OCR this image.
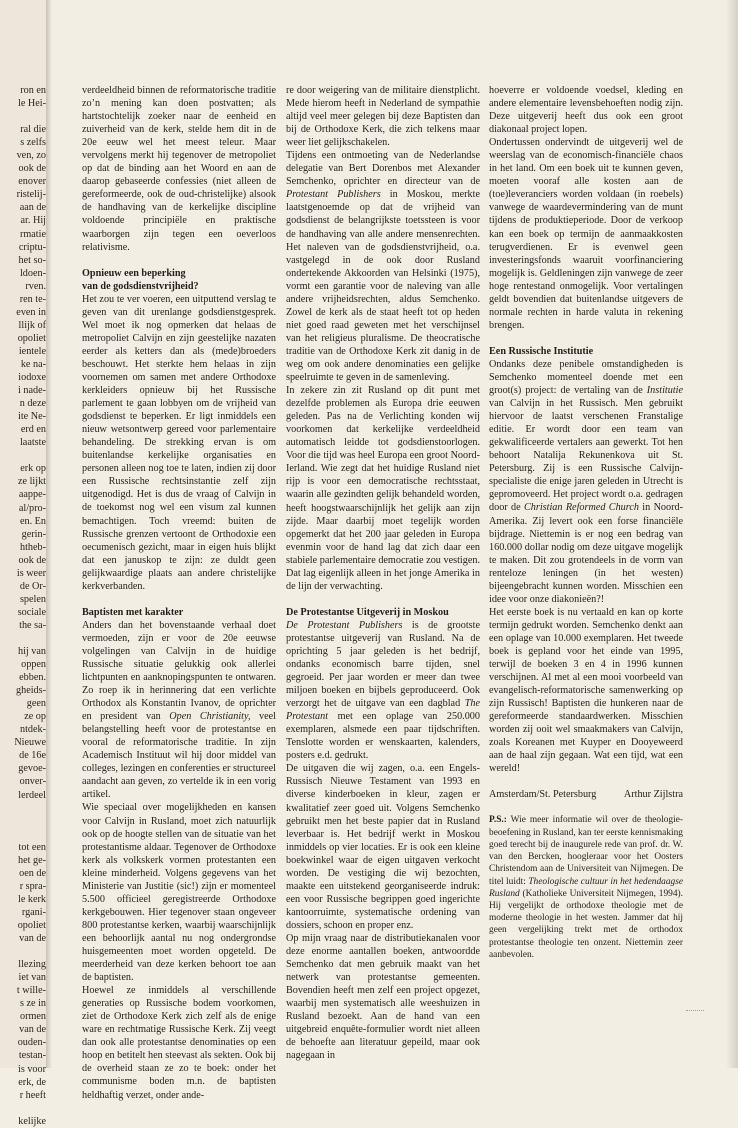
ron en
le Hei-
ral die
s zelfs
ven, zo
ook de
enover
ristelij-
aan de
ar. Hij
rmatie
criptu-
het so-
ldoen-
rven.
ren te-
even in
llijk of
opoliet
ientele
ke na-
iodoxe
i nade-
n deze
ite Ne-
erd en
laatste
erk op
ze lijkt
aappe-
al/pro-
en. En
gerin-
htheb-
ook de
is weer
de Or-
spelen
sociale
the sa-
hij van
oppen
ebben.
gheids-
geen
ze op
ntdek-
Nieuwe
de 16e
gevoe-
onver-
lerdeel
tot een
het ge-
oen de
r spra-
le kerk
rgani-
opoliet
van de
llezing
iet van
t wille-
s ze in
ormen
van de
ouden-
testan-
is voor
erk, de
r heeft
kelijke

verdeeldheid binnen de reformatorische traditie zo’n mening kan doen postvatten; als hartstochtelijk zoeker naar de eenheid en zuiverheid van de kerk, stelde hem dit in de 20e eeuw wel het meest teleur. Maar vervolgens merkt hij tegenover de metropoliet op dat de binding aan het Woord en aan de daarop gebaseerde confessies (niet alleen de gereformeerde, ook de oud-christelijke) alsook de handhaving van de kerkelijke discipline voldoende principiële en praktische waarborgen zijn tegen een oeverloos relativisme.

Opnieuw een beperking
van de godsdienstvrijheid?

Het zou te ver voeren, een uitputtend verslag te geven van dit urenlange godsdienstgesprek. Wel moet ik nog opmerken dat helaas de metropoliet Calvijn en zijn geestelijke nazaten eerder als ketters dan als (mede)broeders beschouwt. Het sterkte hem helaas in zijn voornemen om samen met andere Orthodoxe kerkleiders opnieuw bij het Russische parlement te gaan lobbyen om de vrijheid van godsdienst te beperken. Er ligt inmiddels een nieuw wetsontwerp gereed voor parlementaire behandeling. De strekking ervan is om buitenlandse kerkelijke organisaties en personen alleen nog toe te laten, indien zij door een Russische rechtsinstantie zelf zijn uitgenodigd. Het is dus de vraag of Calvijn in de toekomst nog wel een visum zal kunnen bemachtigen. Toch vreemd: buiten de Russische grenzen vertoont de Orthodoxie een oecumenisch gezicht, maar in eigen huis blijkt dat een januskop te zijn: ze duldt geen gelijkwaardige plaats aan andere christelijke kerkverbanden.

Baptisten met karakter

Anders dan het bovenstaande verhaal doet vermoeden, zijn er voor de 20e eeuwse volgelingen van Calvijn in de huidige Russische situatie gelukkig ook allerlei lichtpunten en aanknopingspunten te ontwaren. Zo roep ik in herinnering dat een verlichte Orthodox als Konstantin Ivanov, de oprichter en president van Open Christianity, veel belangstelling heeft voor de protestantse en vooral de reformatorische traditie. In zijn Academisch Instituut wil hij door middel van colleges, lezingen en conferenties er structureel aandacht aan geven, zo vertelde ik in een vorig artikel.

Wie speciaal over mogelijkheden en kansen voor Calvijn in Rusland, moet zich natuurlijk ook op de hoogte stellen van de situatie van het protestantisme aldaar. Tegenover de Orthodoxe kerk als volkskerk vormen protestanten een kleine minderheid. Volgens gegevens van het Ministerie van Justitie (sic!) zijn er momenteel 5.500 officieel geregistreerde Orthodoxe kerkgebouwen. Hier tegenover staan ongeveer 800 protestantse kerken, waarbij waarschijnlijk een behoorlijk aantal nu nog ondergrondse huisgemeenten moet worden opgeteld. De meerderheid van deze kerken behoort toe aan de baptisten.

Hoewel ze inmiddels al verschillende generaties op Russische bodem voorkomen, ziet de Orthodoxe Kerk zich zelf als de enige ware en rechtmatige Russische Kerk. Zij veegt dan ook alle protestantse denominaties op een hoop en betitelt hen steevast als sekten. Ook bij de overheid staan ze zo te boek: onder het communisme boden m.n. de baptisten heldhaftig verzet, onder ande-

re door weigering van de militaire dienstplicht. Mede hierom heeft in Nederland de sympathie altijd veel meer gelegen bij deze Baptisten dan bij de Orthodoxe Kerk, die zich telkens maar weer liet gelijkschakelen.

Tijdens een ontmoeting van de Nederlandse delegatie van Bert Dorenbos met Alexander Semchenko, oprichter en directeur van de Protestant Publishers in Moskou, merkte laatstgenoemde op dat de vrijheid van godsdienst de belangrijkste toetssteen is voor de handhaving van alle andere mensenrechten. Het naleven van de godsdienstvrijheid, o.a. vastgelegd in de ook door Rusland ondertekende Akkoorden van Helsinki (1975), vormt een garantie voor de naleving van alle andere vrijheidsrechten, aldus Semchenko. Zowel de kerk als de staat heeft tot op heden niet goed raad geweten met het verschijnsel van het religieus pluralisme. De theocratische traditie van de Orthodoxe Kerk zit danig in de weg om ook andere denominaties een gelijke speelruimte te geven in de samenleving.

In zekere zin zit Rusland op dit punt met dezelfde problemen als Europa drie eeuwen geleden. Pas na de Verlichting konden wij voorkomen dat kerkelijke verdeeldheid automatisch leidde tot godsdienstoorlogen. Voor die tijd was heel Europa een groot Noord-Ierland. Wie zegt dat het huidige Rusland niet rijp is voor een democratische rechtsstaat, waarin alle gezindten gelijk behandeld worden, heeft hoogstwaarschijnlijk het gelijk aan zijn zijde. Maar daarbij moet tegelijk worden opgemerkt dat het 200 jaar geleden in Europa evenmin voor de hand lag dat zich daar een stabiele parlementaire democratie zou vestigen. Dat lag eigenlijk alleen in het jonge Amerika in de lijn der verwachting.

De Protestantse Uitgeverij in Moskou

De Protestant Publishers is de grootste protestantse uitgeverij van Rusland. Na de oprichting 5 jaar geleden is het bedrijf, ondanks economisch barre tijden, snel gegroeid. Per jaar worden er meer dan twee miljoen boeken en bijbels geproduceerd. Ook verzorgt het de uitgave van een dagblad The Protestant met een oplage van 250.000 exemplaren, alsmede een paar tijdschriften. Tenslotte worden er wenskaarten, kalenders, posters e.d. gedrukt.

De uitgaven die wij zagen, o.a. een Engels-Russisch Nieuwe Testament van 1993 en diverse kinderboeken in kleur, zagen er kwalitatief zeer goed uit. Volgens Semchenko gebruikt men het beste papier dat in Rusland leverbaar is. Het bedrijf werkt in Moskou inmiddels op vier locaties. Er is ook een kleine boekwinkel waar de eigen uitgaven verkocht worden. De vestiging die wij bezochten, maakte een uitstekend georganiseerde indruk: een voor Russische begrippen goed ingerichte kantoorruimte, systematische ordening van dossiers, schoon en proper enz.

Op mijn vraag naar de distributiekanalen voor deze enorme aantallen boeken, antwoordde Semchenko dat men gebruik maakt van het netwerk van protestantse gemeenten. Bovendien heeft men zelf een project opgezet, waarbij men systematisch alle weeshuizen in Rusland bezoekt. Aan de hand van een uitgebreid enquête-formulier wordt niet alleen de behoefte aan literatuur gepeild, maar ook nagegaan in

hoeverre er voldoende voedsel, kleding en andere elementaire levensbehoeften nodig zijn. Deze uitgeverij heeft dus ook een groot diakonaal project lopen.

Ondertussen ondervindt de uitgeverij wel de weerslag van de economisch-financiële chaos in het land. Om een boek uit te kunnen geven, moeten vooraf alle kosten aan de (toe)leveranciers worden voldaan (in roebels) vanwege de waardevermindering van de munt tijdens de produktieperiode. Door de verkoop kan een boek op termijn de aanmaakkosten terugverdienen. Er is evenwel geen investeringsfonds waaruit voorfinanciering mogelijk is. Geldleningen zijn vanwege de zeer hoge rentestand onmogelijk. Voor vertalingen geldt bovendien dat buitenlandse uitgevers de normale rechten in harde valuta in rekening brengen.

Een Russische Institutie

Ondanks deze penibele omstandigheden is Semchenko momenteel doende met een groot(s) project: de vertaling van de Institutie van Calvijn in het Russisch. Men gebruikt hiervoor de laatst verschenen Franstalige editie. Er wordt door een team van gekwalificeerde vertalers aan gewerkt. Tot hen behoort Natalija Rekunenkova uit St. Petersburg. Zij is een Russische Calvijn-specialiste die enige jaren geleden in Utrecht is gepromoveerd. Het project wordt o.a. gedragen door de Christian Reformed Church in Noord-Amerika. Zij levert ook een forse financiële bijdrage. Niettemin is er nog een bedrag van 160.000 dollar nodig om deze uitgave mogelijk te maken. Dit zou grotendeels in de vorm van renteloze leningen (in het westen) bijeengebracht kunnen worden. Misschien een idee voor onze diakonieën?!

Het eerste boek is nu vertaald en kan op korte termijn gedrukt worden. Semchenko denkt aan een oplage van 10.000 exemplaren. Het tweede boek is gepland voor het einde van 1995, terwijl de boeken 3 en 4 in 1996 kunnen verschijnen. Al met al een mooi voorbeeld van evangelisch-reformatorische samenwerking op zijn Russisch! Baptisten die hunkeren naar de gereformeerde standaardwerken. Misschien worden zij ooit wel smaakmakers van Calvijn, zoals Koreanen met Kuyper en Dooyeweerd aan de haal zijn gegaan. Wat een tijd, wat een wereld!

Amsterdam/St. Petersburg	Arthur Zijlstra

P.S.: Wie meer informatie wil over de theologie-beoefening in Rusland, kan ter eerste kennismaking goed terecht bij de inaugurele rede van prof. dr. W. van den Bercken, hoogleraar voor het Oosters Christendom aan de Universiteit van Nijmegen. De titel luidt: Theologische cultuur in het hedendaagse Rusland (Katholieke Universiteit Nijmegen, 1994). Hij vergelijkt de orthodoxe theologie met de moderne theologie in het westen. Jammer dat hij geen vergelijking trekt met de orthodox protestantse theologie ten onzent. Niettemin zeer aanbevolen.
